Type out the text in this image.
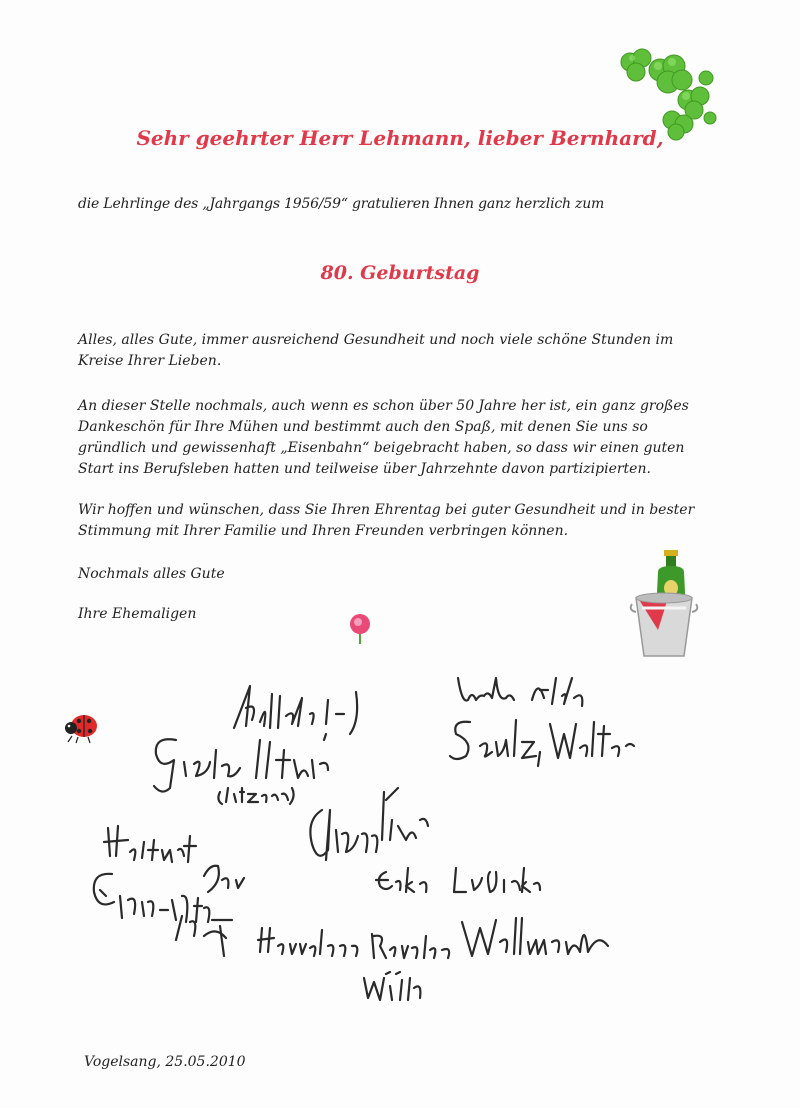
Sehr geehrter Herr Lehmann, lieber Bernhard,
die Lehrlinge des „Jahrgangs 1956/59“ gratulieren Ihnen ganz herzlich zum
80. Geburtstag
Alles, alles Gute, immer ausreichend Gesundheit und noch viele schöne Stunden im Kreise Ihrer Lieben.
An dieser Stelle nochmals, auch wenn es schon über 50 Jahre her ist, ein ganz großes Dankeschön für Ihre Mühen und bestimmt auch den Spaß, mit denen Sie uns so gründlich und gewissenhaft „Eisenbahn“ beigebracht haben, so dass wir einen guten Start ins Berufsleben hatten und teilweise über Jahrzehnte davon partizipierten.
Wir hoffen und wünschen, dass Sie Ihren Ehrentag bei guter Gesundheit und in bester Stimmung mit Ihrer Familie und Ihren Freunden verbringen können.
Nochmals alles Gute
Ihre Ehemaligen
Vogelsang, 25.05.2010
